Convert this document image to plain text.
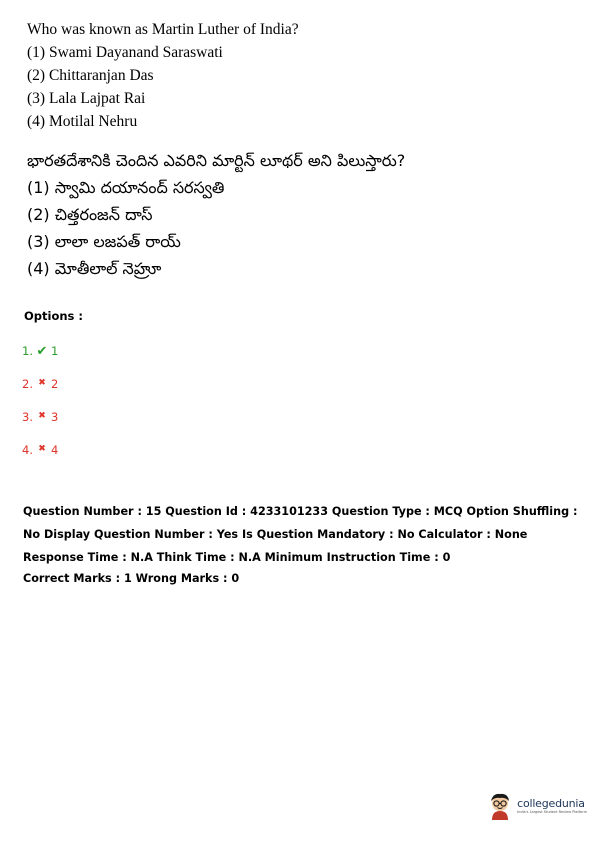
Who was known as Martin Luther of India?

(1) Swami Dayanand Saraswati

(2) Chittaranjan Das

(3) Lala Lajpat Rai

(4) Motilal Nehru

భారతదేశానికి చెందిన ఎవరిని మార్టిన్ లూథర్ అని పిలుస్తారు?

(1) స్వామి దయానంద్ సరస్వతి

(2) చిత్తరంజన్ దాస్

(3) లాలా లజపత్ రాయ్

(4) మోతీలాల్ నెహ్రూ

Options :
1. ✔ 1
2. ✖ 2
3. ✖ 3
4. ✖ 4

Question Number : 15 Question Id : 4233101233 Question Type : MCQ Option Shuffling : No Display Question Number : Yes Is Question Mandatory : No Calculator : None Response Time : N.A Think Time : N.A Minimum Instruction Time : 0

Correct Marks : 1 Wrong Marks : 0
collegedunia
India's Largest Student Review Platform
